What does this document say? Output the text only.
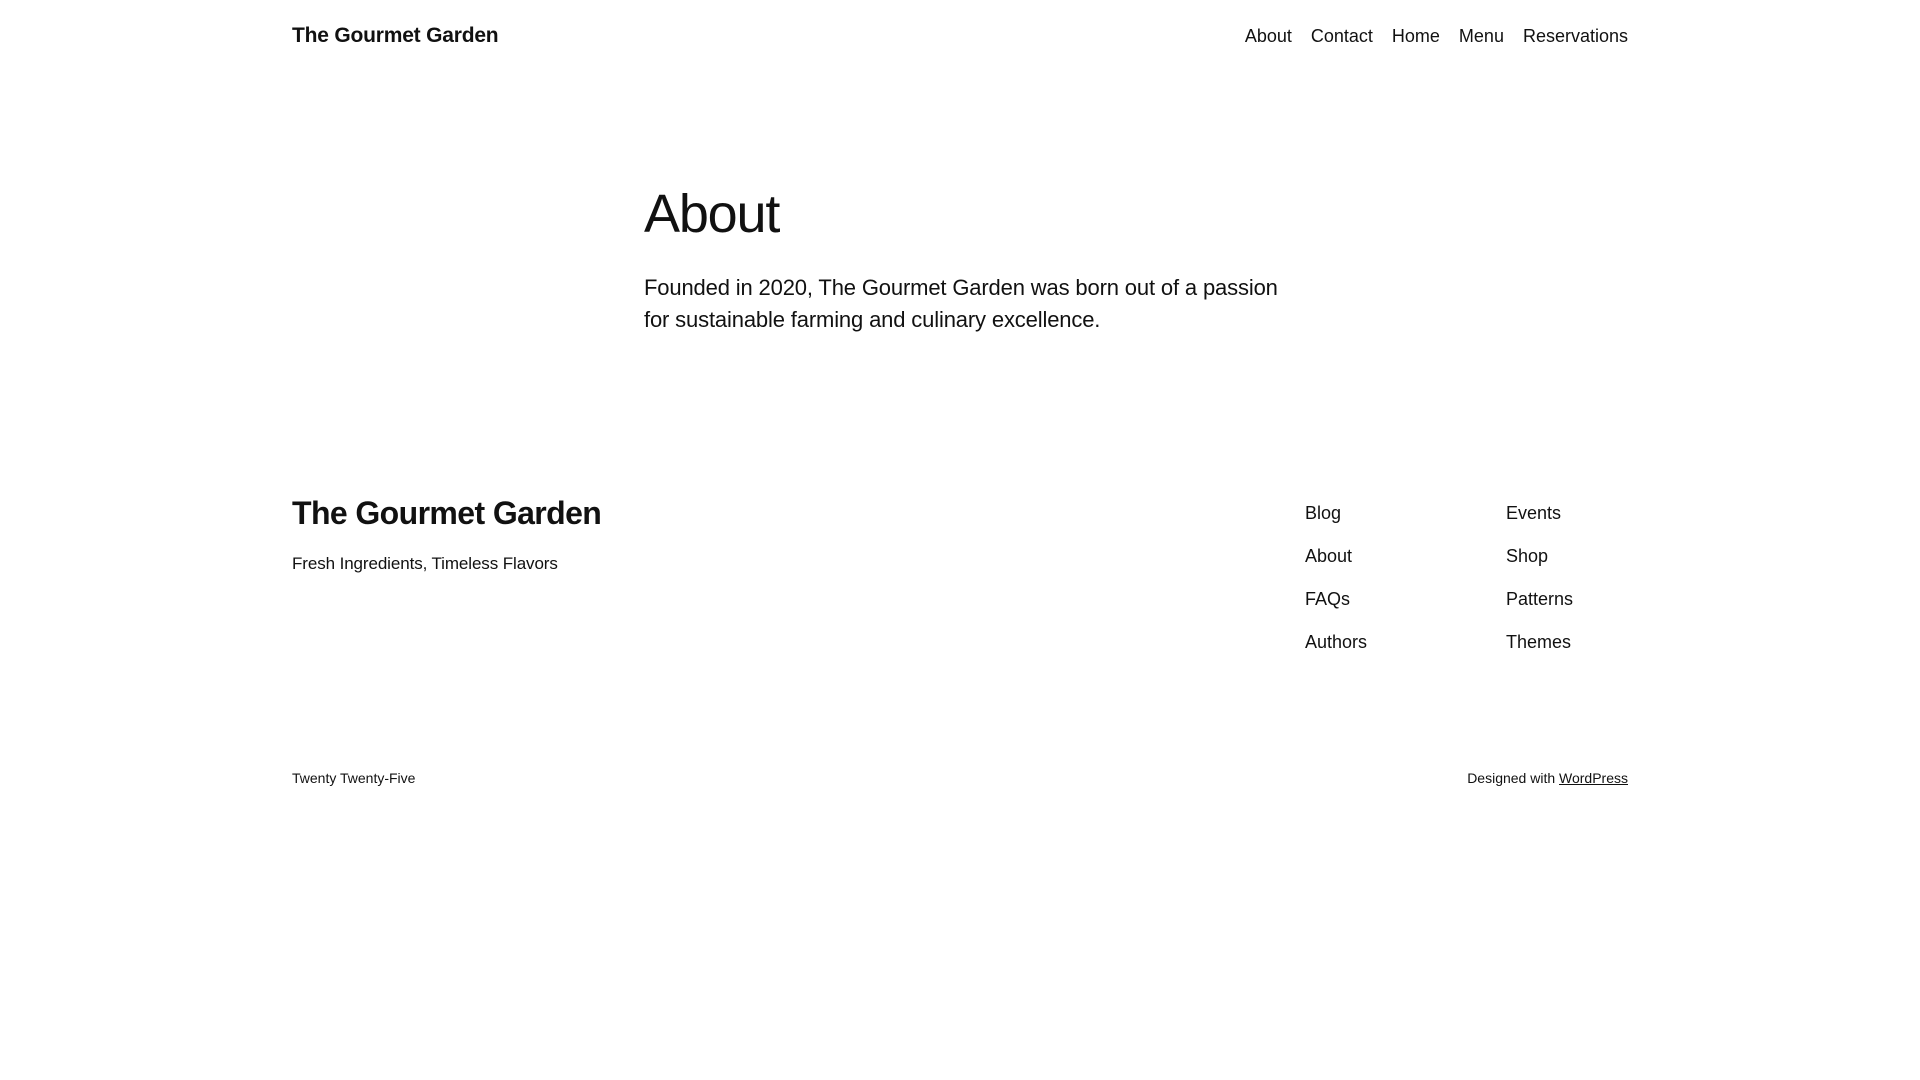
The Gourmet Garden	About Contact Home Menu Reservations
About

Founded in 2020, The Gourmet Garden was born out of a passion for sustainable farming and culinary excellence.

The Gourmet Garden
Fresh Ingredients, Timeless Flavors
Blog
About
FAQs
Authors
Events
Shop
Patterns
Themes
Twenty Twenty-Five	Designed with WordPress
